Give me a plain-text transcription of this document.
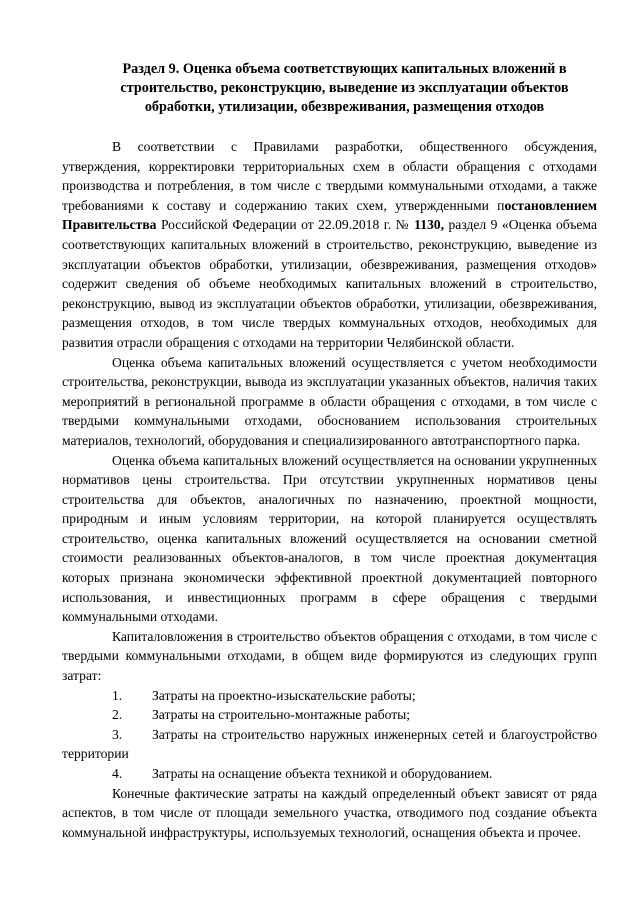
Раздел 9. Оценка объема соответствующих капитальных вложений в строительство, реконструкцию, выведение из эксплуатации объектов обработки, утилизации, обезвреживания, размещения отходов

В соответствии с Правилами разработки, общественного обсуждения, утверждения, корректировки территориальных схем в области обращения с отходами производства и потребления, в том числе с твердыми коммунальными отходами, а также требованиями к составу и содержанию таких схем, утвержденными постановлением Правительства Российской Федерации от 22.09.2018 г. № 1130, раздел 9 «Оценка объема соответствующих капитальных вложений в строительство, реконструкцию, выведение из эксплуатации объектов обработки, утилизации, обезвреживания, размещения отходов» содержит сведения об объеме необходимых капитальных вложений в строительство, реконструкцию, вывод из эксплуатации объектов обработки, утилизации, обезвреживания, размещения отходов, в том числе твердых коммунальных отходов, необходимых для развития отрасли обращения с отходами на территории Челябинской области.

Оценка объема капитальных вложений осуществляется с учетом необходимости строительства, реконструкции, вывода из эксплуатации указанных объектов, наличия таких мероприятий в региональной программе в области обращения с отходами, в том числе с твердыми коммунальными отходами, обоснованием использования строительных материалов, технологий, оборудования и специализированного автотранспортного парка.

Оценка объема капитальных вложений осуществляется на основании укрупненных нормативов цены строительства. При отсутствии укрупненных нормативов цены строительства для объектов, аналогичных по назначению, проектной мощности, природным и иным условиям территории, на которой планируется осуществлять строительство, оценка капитальных вложений осуществляется на основании сметной стоимости реализованных объектов-аналогов, в том числе проектная документация которых признана экономически эффективной проектной документацией повторного использования, и инвестиционных программ в сфере обращения с твердыми коммунальными отходами.

Капиталовложения в строительство объектов обращения с отходами, в том числе с твердыми коммунальными отходами, в общем виде формируются из следующих групп затрат:

1. Затраты на проектно-изыскательские работы;
2. Затраты на строительно-монтажные работы;
3. Затраты на строительство наружных инженерных сетей и благоустройство территории
4. Затраты на оснащение объекта техникой и оборудованием.

Конечные фактические затраты на каждый определенный объект зависят от ряда аспектов, в том числе от площади земельного участка, отводимого под создание объекта коммунальной инфраструктуры, используемых технологий, оснащения объекта и прочее.
